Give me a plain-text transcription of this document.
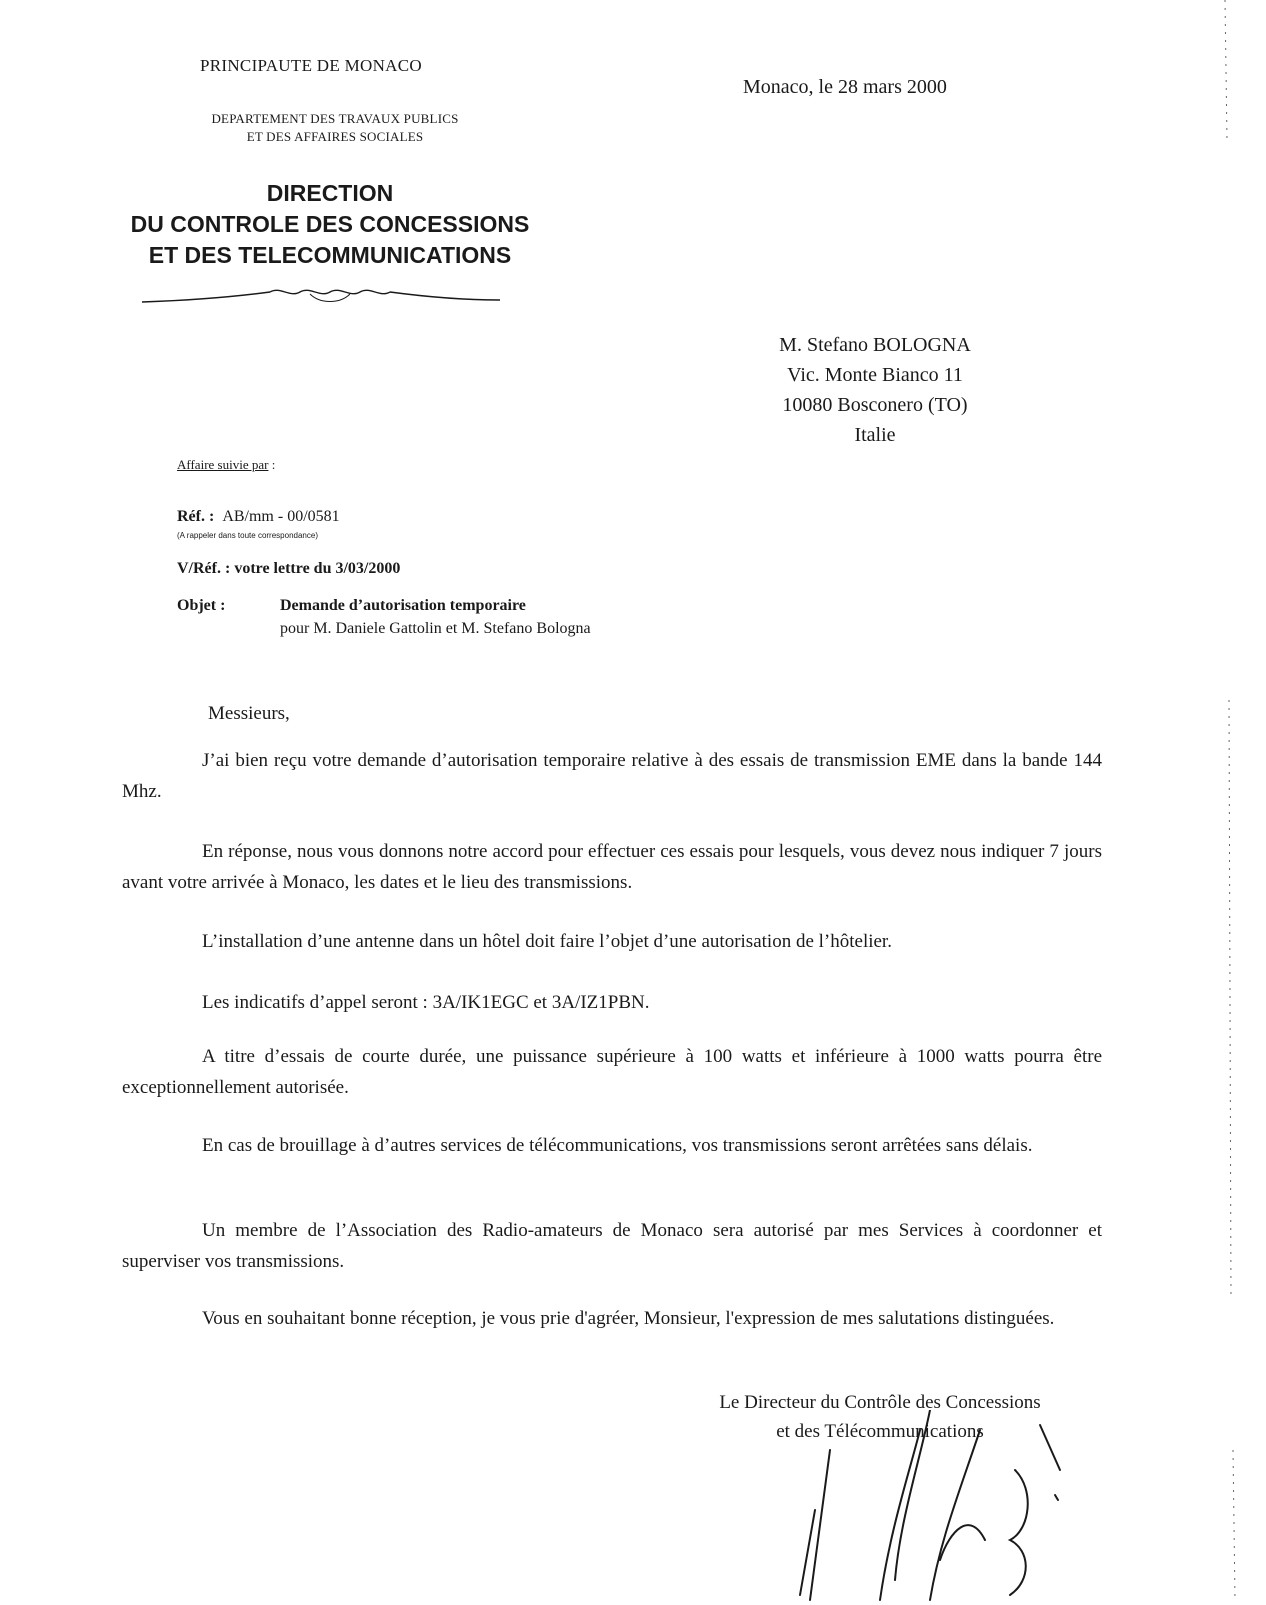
PRINCIPAUTE DE MONACO
DEPARTEMENT DES TRAVAUX PUBLICS
ET DES AFFAIRES SOCIALES
DIRECTION
DU CONTROLE DES CONCESSIONS
ET DES TELECOMMUNICATIONS
Monaco, le 28 mars 2000
M. Stefano BOLOGNA
Vic. Monte Bianco 11
10080 Bosconero (TO)
Italie
Affaire suivie par :
Réf. : AB/mm - 00/0581
(A rappeler dans toute correspondance)
V/Réf. : votre lettre du 3/03/2000
Objet :	Demande d’autorisation temporaire
pour M. Daniele Gattolin et M. Stefano Bologna
Messieurs,

J’ai bien reçu votre demande d’autorisation temporaire relative à des essais de transmission EME dans la bande 144 Mhz.

En réponse, nous vous donnons notre accord pour effectuer ces essais pour lesquels, vous devez nous indiquer 7 jours avant votre arrivée à Monaco, les dates et le lieu des transmissions.

L’installation d’une antenne dans un hôtel doit faire l’objet d’une autorisation de l’hôtelier.

Les indicatifs d’appel seront : 3A/IK1EGC et 3A/IZ1PBN.

A titre d’essais de courte durée, une puissance supérieure à 100 watts et inférieure à 1000 watts pourra être exceptionnellement autorisée.

En cas de brouillage à d’autres services de télécommunications, vos transmissions seront arrêtées sans délais.

Un membre de l’Association des Radio-amateurs de Monaco sera autorisé par mes Services à coordonner et superviser vos transmissions.

Vous en souhaitant bonne réception, je vous prie d'agréer, Monsieur, l'expression de mes salutations distinguées.

Le Directeur du Contrôle des Concessions
et des Télécommunications
